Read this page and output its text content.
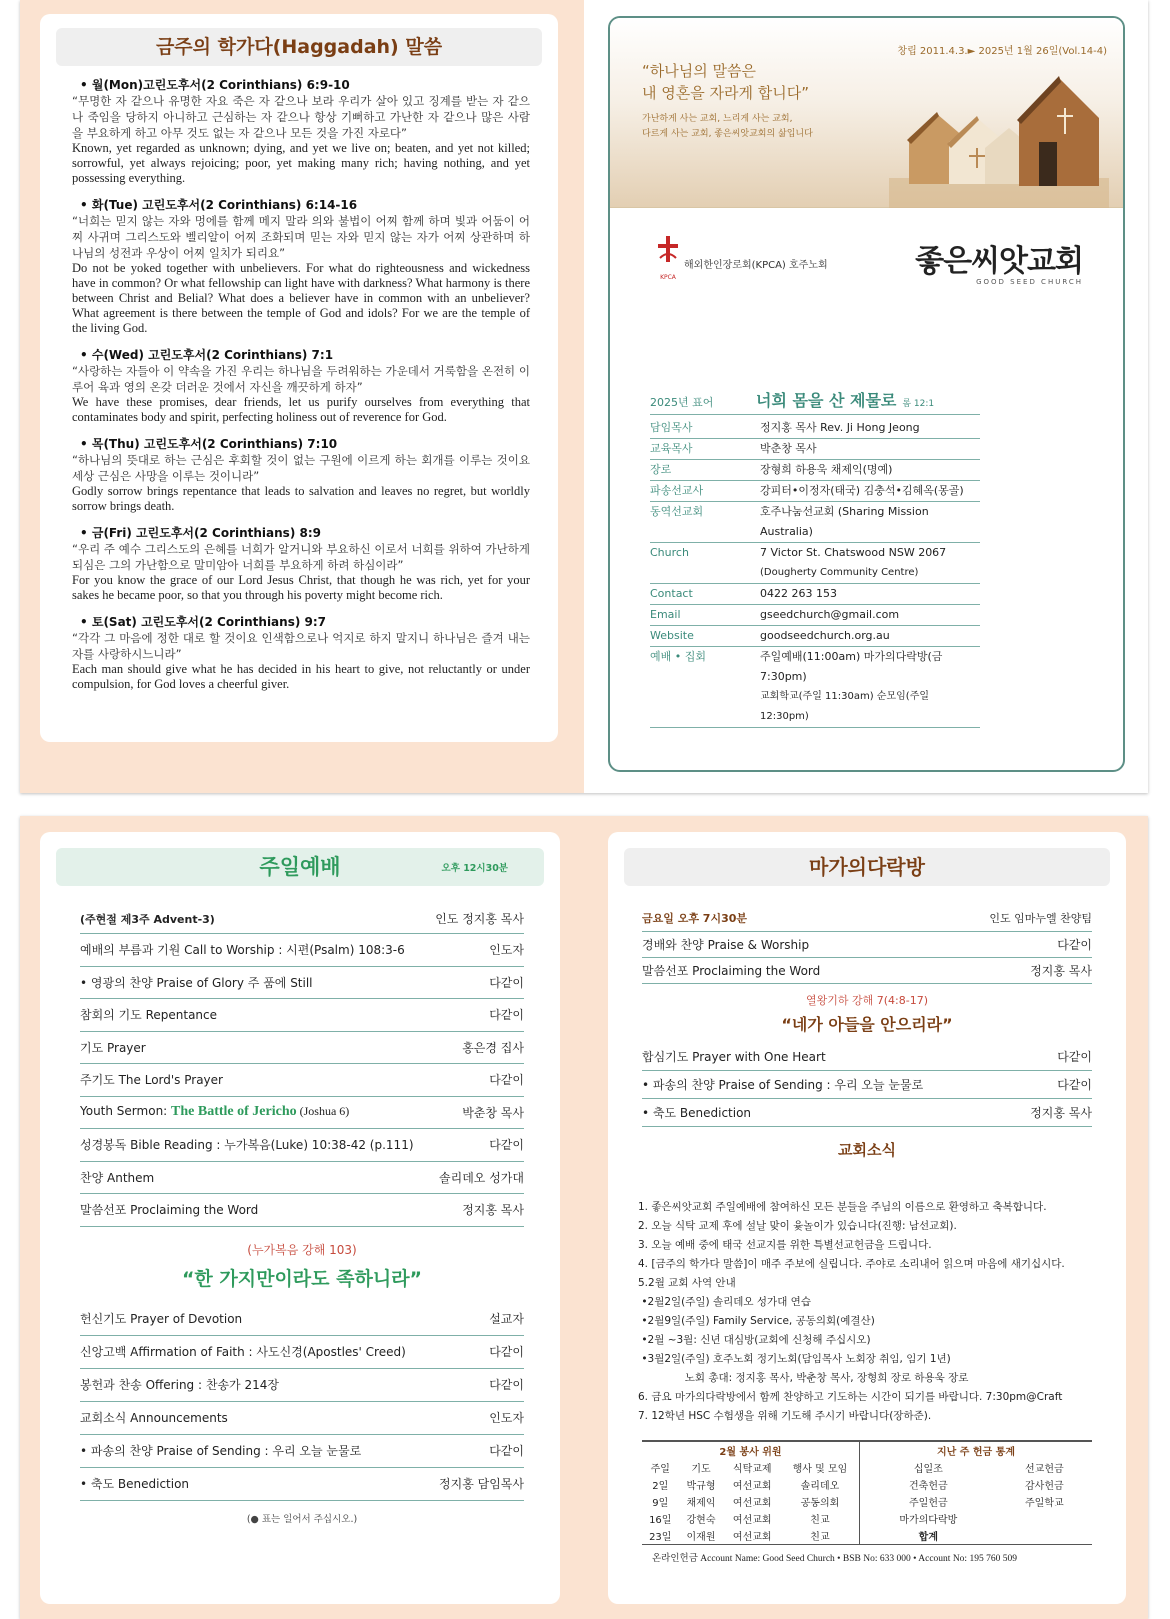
금주의 학가다(Haggadah) 말씀
• 월(Mon)고린도후서(2 Corinthians) 6:9-10
“무명한 자 같으나 유명한 자요 죽은 자 같으나 보라 우리가 살아 있고 징계를 받는 자 같으나 죽임을 당하지 아니하고 근심하는 자 같으나 항상 기뻐하고 가난한 자 같으나 많은 사람을 부요하게 하고 아무 것도 없는 자 같으나 모든 것을 가진 자로다”
Known, yet regarded as unknown; dying, and yet we live on; beaten, and yet not killed; sorrowful, yet always rejoicing; poor, yet making many rich; having nothing, and yet possessing everything.
• 화(Tue) 고린도후서(2 Corinthians) 6:14-16
“너희는 믿지 않는 자와 멍에를 함께 메지 말라 의와 불법이 어찌 함께 하며 빛과 어둠이 어찌 사귀며 그리스도와 벨리알이 어찌 조화되며 믿는 자와 믿지 않는 자가 어찌 상관하며 하나님의 성전과 우상이 어찌 일치가 되리요”
Do not be yoked together with unbelievers. For what do righteousness and wickedness have in common? Or what fellowship can light have with darkness? What harmony is there between Christ and Belial? What does a believer have in common with an unbeliever? What agreement is there between the temple of God and idols? For we are the temple of the living God.
• 수(Wed) 고린도후서(2 Corinthians) 7:1
“사랑하는 자들아 이 약속을 가진 우리는 하나님을 두려워하는 가운데서 거룩함을 온전히 이루어 육과 영의 온갖 더러운 것에서 자신을 깨끗하게 하자”
We have these promises, dear friends, let us purify ourselves from everything that contaminates body and spirit, perfecting holiness out of reverence for God.
• 목(Thu) 고린도후서(2 Corinthians) 7:10
“하나님의 뜻대로 하는 근심은 후회할 것이 없는 구원에 이르게 하는 회개를 이루는 것이요 세상 근심은 사망을 이루는 것이니라”
Godly sorrow brings repentance that leads to salvation and leaves no regret, but worldly sorrow brings death.
• 금(Fri) 고린도후서(2 Corinthians) 8:9
“우리 주 예수 그리스도의 은혜를 너희가 알거니와 부요하신 이로서 너희를 위하여 가난하게 되심은 그의 가난함으로 말미암아 너희를 부요하게 하려 하심이라”
For you know the grace of our Lord Jesus Christ, that though he was rich, yet for your sakes he became poor, so that you through his poverty might become rich.
• 토(Sat) 고린도후서(2 Corinthians) 9:7
“각각 그 마음에 정한 대로 할 것이요 인색함으로나 억지로 하지 말지니 하나님은 즐겨 내는 자를 사랑하시느니라”
Each man should give what he has decided in his heart to give, not reluctantly or under compulsion, for God loves a cheerful giver.
창립 2011.4.3.► 2025년 1월 26일(Vol.14-4)
“하나님의 말씀은
내 영혼을 자라게 합니다”
가난하게 사는 교회, 느리게 사는 교회,
다르게 사는 교회, 좋은씨앗교회의 삶입니다
KPCA
해외한인장로회(KPCA) 호주노회	좋은씨앗교회
GOOD SEED CHURCH
2025년 표어	너희 몸을 산 제물로 롬 12:1
담임목사	정지홍 목사 Rev. Ji Hong Jeong
교육목사	박춘창 목사
장로	장형희 하용욱 채제익(명예)
파송선교사	강피터•이정자(태국) 김충석•김혜옥(몽골)
동역선교회	호주나눔선교회 (Sharing Mission Australia)
Church	7 Victor St. Chatswood NSW 2067
(Dougherty Community Centre)
Contact	0422 263 153
Email	gseedchurch@gmail.com
Website	goodseedchurch.org.au
예배 • 집회	주일예배(11:00am) 마가의다락방(금 7:30pm)
교회학교(주일 11:30am) 순모임(주일 12:30pm)
주일예배	오후 12시30분
(주현절 제3주 Advent-3)	인도 정지홍 목사
예배의 부름과 기원 Call to Worship : 시편(Psalm) 108:3-6	인도자
• 영광의 찬양 Praise of Glory 주 품에 Still	다같이
참회의 기도 Repentance	다같이
기도 Prayer	홍은경 집사
주기도 The Lord's Prayer	다같이
Youth Sermon: The Battle of Jericho (Joshua 6)	박춘창 목사
성경봉독 Bible Reading : 누가복음(Luke) 10:38-42 (p.111)	다같이
찬양 Anthem	솔리데오 성가대
말씀선포 Proclaiming the Word	정지홍 목사
(누가복음 강해 103)
“한 가지만이라도 족하니라”
헌신기도 Prayer of Devotion	설교자
신앙고백 Affirmation of Faith : 사도신경(Apostles' Creed)	다같이
봉헌과 찬송 Offering : 찬송가 214장	다같이
교회소식 Announcements	인도자
• 파송의 찬양 Praise of Sending : 우리 오늘 눈물로	다같이
• 축도 Benediction	정지홍 담임목사
(● 표는 일어서 주십시오.)
마가의다락방
금요일 오후 7시30분	인도 임마누엘 찬양팀
경배와 찬양 Praise & Worship	다같이
말씀선포 Proclaiming the Word	정지홍 목사
열왕기하 강해 7(4:8-17)
“네가 아들을 안으리라”
합심기도 Prayer with One Heart	다같이
• 파송의 찬양 Praise of Sending : 우리 오늘 눈물로	다같이
• 축도 Benediction	정지홍 목사
교회소식
1. 좋은씨앗교회 주일예배에 참여하신 모든 분들을 주님의 이름으로 환영하고 축복합니다.
2. 오늘 식탁 교제 후에 설날 맞이 윷놀이가 있습니다(진행: 남선교회).
3. 오늘 예배 중에 태국 선교지를 위한 특별선교헌금을 드립니다.
4. [금주의 학가다 말씀]이 매주 주보에 실립니다. 주야로 소리내어 읽으며 마음에 새기십시다.
5.2월 교회 사역 안내
•2월2일(주일) 솔리데오 성가대 연습
•2월9일(주일) Family Service, 공동의회(예결산)
•2월 ~3월: 신년 대심방(교회에 신청해 주십시오)
•3월2일(주일) 호주노회 정기노회(담임목사 노회장 취임, 임기 1년)
노회 총대: 정지홍 목사, 박춘창 목사, 장형희 장로 하용욱 장로
6. 금요 마가의다락방에서 함께 찬양하고 기도하는 시간이 되기를 바랍니다. 7:30pm@Craft
7. 12학년 HSC 수험생을 위해 기도해 주시기 바랍니다(장하준).
2월 봉사 위원			
주일	기도	식탁교제	행사 및 모임
2일	박규형	여선교회	솔리데오
9일	채제익	여선교회	공동의회
16일	강현숙	여선교회	친교
23일	이재원	여선교회	친교
지난 주 헌금 통계	
십일조	선교헌금
건축헌금	감사헌금
주일헌금	주일학교
마가의다락방	
합계	
온라인헌금 Account Name: Good Seed Church • BSB No: 633 000 • Account No: 195 760 509
